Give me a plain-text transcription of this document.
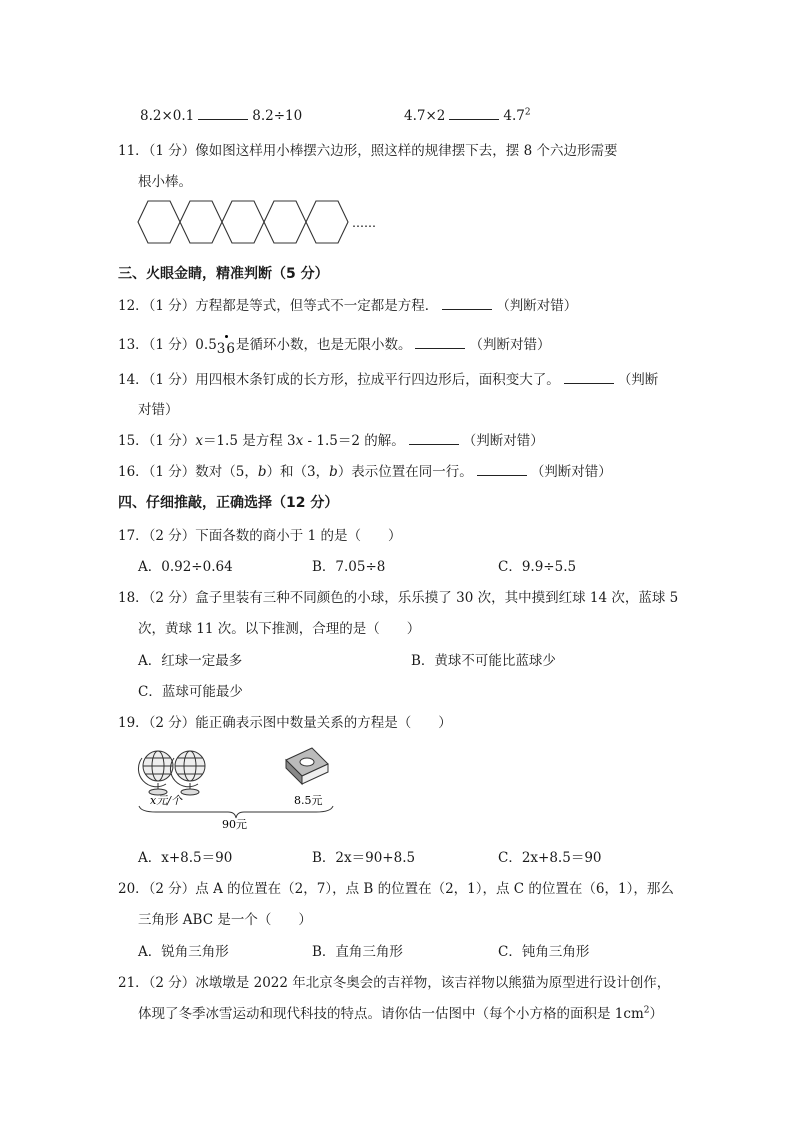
8.2×0.1	8.2÷10	4.7×2	$4.7^2$
11．（1 分）像如图这样用小棒摆六边形，照这样的规律摆下去，摆 8 个六边形需要
根小棒。
……
三、火眼金睛，精准判断（5 分）
12．（1 分）方程都是等式，但等式不一定都是方程．	（判断对错）
13．（1 分）0.536是循环小数，也是无限小数。	（判断对错）
14．（1 分）用四根木条钉成的长方形，拉成平行四边形后，面积变大了。	（判断
对错）
15．（1 分）x＝1.5 是方程 3x - 1.5＝2 的解。	（判断对错）
16．（1 分）数对（5，b）和（3，b）表示位置在同一行。	（判断对错）
四、仔细推敲，正确选择（12 分）
17．（2 分）下面各数的商小于 1 的是（　　）
A．0.92÷0.64	B．7.05÷8	C．9.9÷5.5
18．（2 分）盒子里装有三种不同颜色的小球，乐乐摸了 30 次，其中摸到红球 14 次，蓝球 5
次，黄球 11 次。以下推测，合理的是（　　）
A．红球一定最多	B．黄球不可能比蓝球少
C．蓝球可能最少
19．（2 分）能正确表示图中数量关系的方程是（　　）
x元/个	8.5元
90元
A．x+8.5＝90	B．2x＝90+8.5	C．2x+8.5＝90
20．（2 分）点 A 的位置在（2，7），点 B 的位置在（2，1），点 C 的位置在（6，1），那么
三角形 ABC 是一个（　　）
A．锐角三角形	B．直角三角形	C．钝角三角形
21．（2 分）冰墩墩是 2022 年北京冬奥会的吉祥物，该吉祥物以熊猫为原型进行设计创作，
体现了冬季冰雪运动和现代科技的特点。请你估一估图中（每个小方格的面积是 $1cm^2$）
